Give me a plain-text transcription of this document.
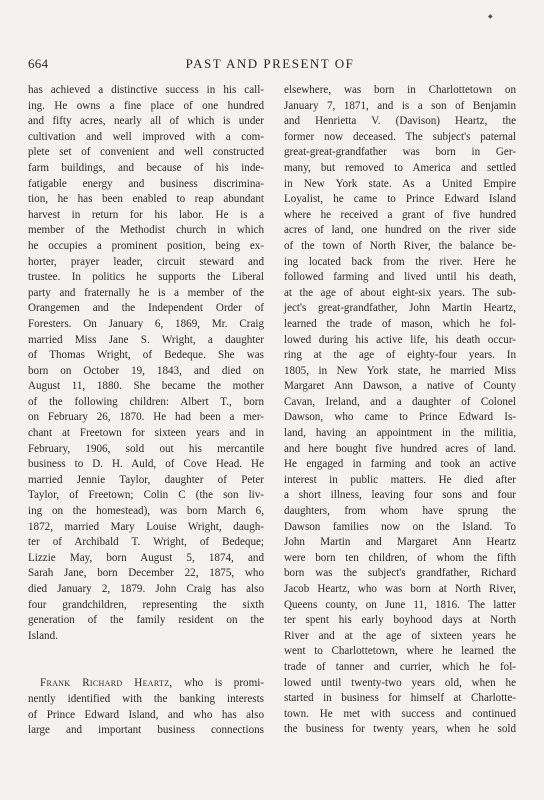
◆
664	PAST AND PRESENT OF
has achieved a distinctive success in his call-
ing. He owns a fine place of one hundred
and fifty acres, nearly all of which is under
cultivation and well improved with a com-
plete set of convenient and well constructed
farm buildings, and because of his inde-
fatigable energy and business discrimina-
tion, he has been enabled to reap abundant
harvest in return for his labor. He is a
member of the Methodist church in which
he occupies a prominent position, being ex-
horter, prayer leader, circuit steward and
trustee. In politics he supports the Liberal
party and fraternally he is a member of the
Orangemen and the Independent Order of
Foresters. On January 6, 1869, Mr. Craig
married Miss Jane S. Wright, a daughter
of Thomas Wright, of Bedeque. She was
born on October 19, 1843, and died on
August 11, 1880. She became the mother
of the following children: Albert T., born
on February 26, 1870. He had been a mer-
chant at Freetown for sixteen years and in
February, 1906, sold out his mercantile
business to D. H. Auld, of Cove Head. He
married Jennie Taylor, daughter of Peter
Taylor, of Freetown; Colin C (the son liv-
ing on the homestead), was born March 6,
1872, married Mary Louise Wright, daugh-
ter of Archibald T. Wright, of Bedeque;
Lizzie May, born August 5, 1874, and
Sarah Jane, born December 22, 1875, who
died January 2, 1879. John Craig has also
four grandchildren, representing the sixth
generation of the family resident on the
Island.
Frank Richard Heartz, who is promi-
nently identified with the banking interests
of Prince Edward Island, and who has also
large and important business connections
elsewhere, was born in Charlottetown on
January 7, 1871, and is a son of Benjamin
and Henrietta V. (Davison) Heartz, the
former now deceased. The subject's paternal
great-great-grandfather was born in Ger-
many, but removed to America and settled
in New York state. As a United Empire
Loyalist, he came to Prince Edward Island
where he received a grant of five hundred
acres of land, one hundred on the river side
of the town of North River, the balance be-
ing located back from the river. Here he
followed farming and lived until his death,
at the age of about eight-six years. The sub-
ject's great-grandfather, John Martin Heartz,
learned the trade of mason, which he fol-
lowed during his active life, his death occur-
ring at the age of eighty-four years. In
1805, in New York state, he married Miss
Margaret Ann Dawson, a native of County
Cavan, Ireland, and a daughter of Colonel
Dawson, who came to Prince Edward Is-
land, having an appointment in the militia,
and here bought five hundred acres of land.
He engaged in farming and took an active
interest in public matters. He died after
a short illness, leaving four sons and four
daughters, from whom have sprung the
Dawson families now on the Island. To
John Martin and Margaret Ann Heartz
were born ten children, of whom the fifth
born was the subject's grandfather, Richard
Jacob Heartz, who was born at North River,
Queens county, on June 11, 1816. The latter
ter spent his early boyhood days at North
River and at the age of sixteen years he
went to Charlottetown, where he learned the
trade of tanner and currier, which he fol-
lowed until twenty-two years old, when he
started in business for himself at Charlotte-
town. He met with success and continued
the business for twenty years, when he sold
